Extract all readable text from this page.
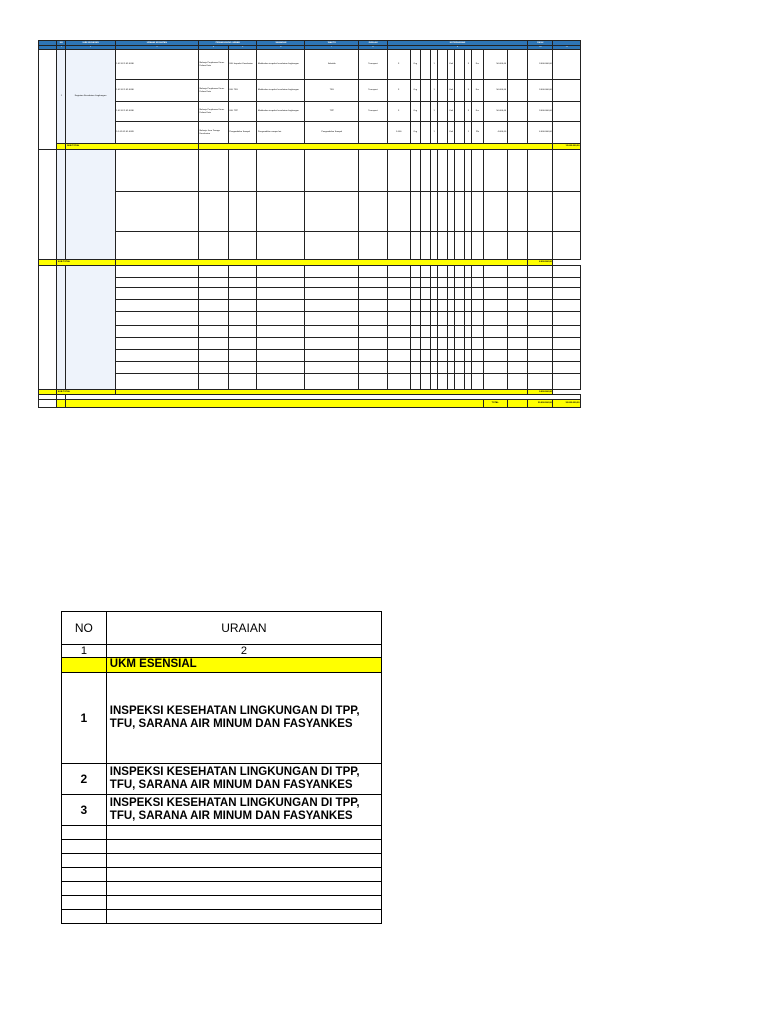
	NO	SUB KEGIATAN	URAIAN KEGIATAN	PENANGGUNG JAWAB		SASARAN	WAKTU	JUMLAH	KETERANGAN											PAGU	
	1	2	3	4	5	6	7	8	9											10	11
	1	Kegiatan Kesehatan Lingkungan	1.02.02.2.02.0030	Belanja Perjalanan Dinas Dalam Kota	LBL Inspeksi Kesehatan	Melakukan inspeksi kesehatan lingkungan	Sekolah	Transport	3	Org		1		Kali		3	Ksr	50.000,00		3.000.000,00	
			1.02.02.2.02.0030	Belanja Perjalanan Dinas Dalam Kota	LBL TFU	Melakukan inspeksi kesehatan lingkungan	TFU	Transport	3	Org		1		Kali		3	Ksr	50.000,00		3.000.000,00	
			1.02.02.2.02.0030	Belanja Perjalanan Dinas Dalam Kota	LBL TPP	Melakukan inspeksi kesehatan lingkungan	TPP	Transport	3	Org		1		Kali		3	Ksr	50.000,00		3.000.000,00	
			5.1.02.02.01.0026	Belanja Jasa Tenaga Kesehatan	Pengambilan Sampel	Pengambilan sampel air	Pengambilan Sampel		1.000	Org		1		Kali		1	Pkt	4.000,00		4.000.000,00	
		SUB TOTAL																			13.000.000,00

	SUB TOTAL																			8.000.000,00	

	SUB TOTAL																			9.000.000,00	

																		TOTAL		30.000.000,00	30.000.000,00
NO	URAIAN
1	2
	UKM ESENSIAL
1	INSPEKSI KESEHATAN LINGKUNGAN DI TPP, TFU, SARANA AIR MINUM DAN FASYANKES
2	INSPEKSI KESEHATAN LINGKUNGAN DI TPP, TFU, SARANA AIR MINUM DAN FASYANKES
3	INSPEKSI KESEHATAN LINGKUNGAN DI TPP, TFU, SARANA AIR MINUM DAN FASYANKES
